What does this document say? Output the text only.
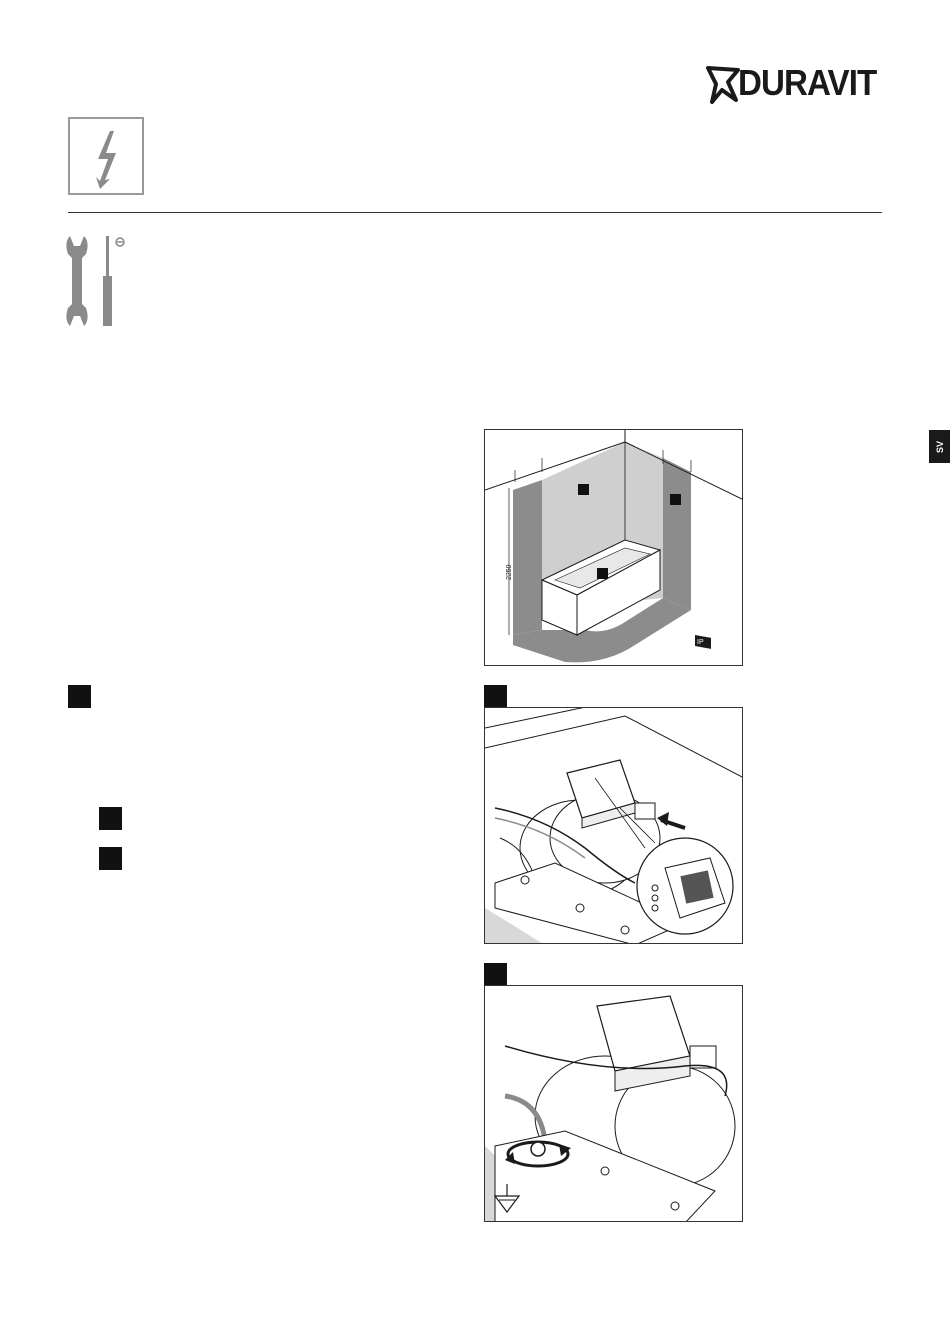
DURAVIT
SV
2250
IP
